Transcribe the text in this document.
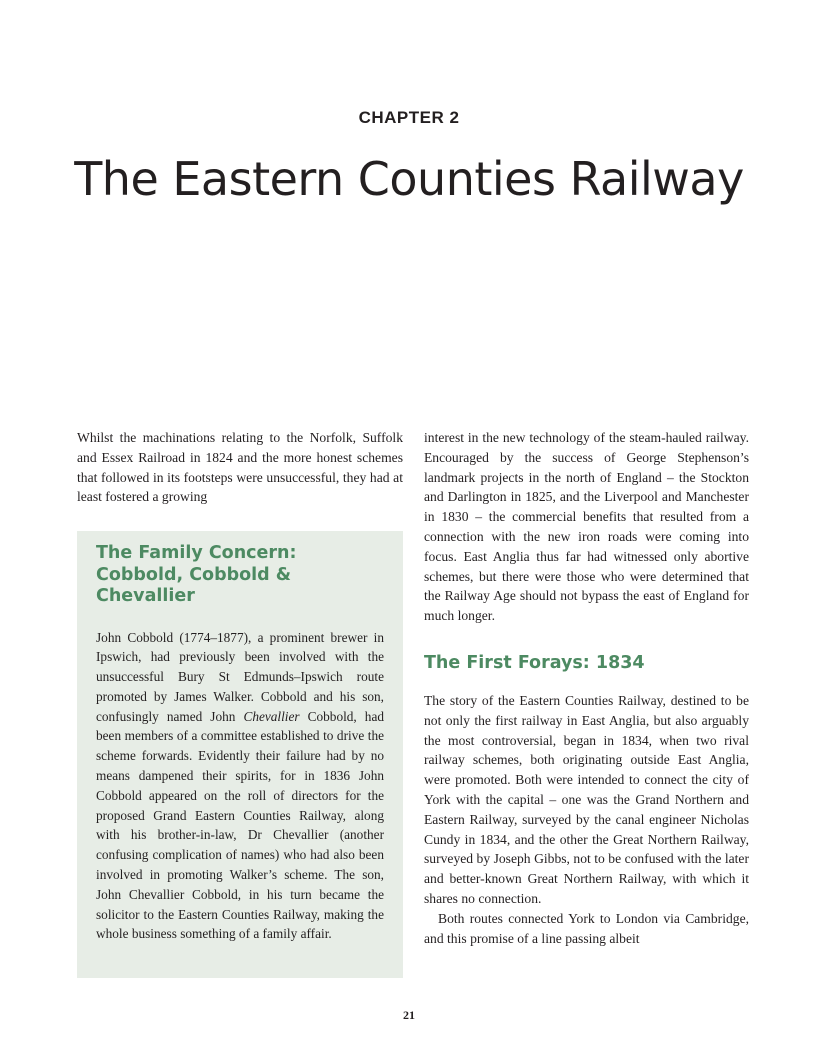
CHAPTER 2
The Eastern Counties Railway

Whilst the machinations relating to the Norfolk, Suffolk and Essex Railroad in 1824 and the more honest schemes that followed in its footsteps were unsuccessful, they had at least fostered a growing

The Family Concern: Cobbold, Cobbold & Chevallier

John Cobbold (1774–1877), a prominent brewer in Ipswich, had previously been involved with the unsuccessful Bury St Edmunds–Ipswich route promoted by James Walker. Cobbold and his son, confusingly named John Chevallier Cobbold, had been members of a committee established to drive the scheme forwards. Evidently their failure had by no means dampened their spirits, for in 1836 John Cobbold appeared on the roll of directors for the proposed Grand Eastern Counties Railway, along with his brother-in-law, Dr Chevallier (another confusing complication of names) who had also been involved in promoting Walker’s scheme. The son, John Chevallier Cobbold, in his turn became the solicitor to the Eastern Counties Railway, making the whole business something of a family affair.

interest in the new technology of the steam-hauled railway. Encouraged by the success of George Stephenson’s landmark projects in the north of England – the Stockton and Darlington in 1825, and the Liverpool and Manchester in 1830 – the commercial benefits that resulted from a connection with the new iron roads were coming into focus. East Anglia thus far had witnessed only abortive schemes, but there were those who were determined that the Railway Age should not bypass the east of England for much longer.

The First Forays: 1834

The story of the Eastern Counties Railway, destined to be not only the first railway in East Anglia, but also arguably the most controversial, began in 1834, when two rival railway schemes, both originating outside East Anglia, were promoted. Both were intended to connect the city of York with the capital – one was the Grand Northern and Eastern Railway, surveyed by the canal engineer Nicholas Cundy in 1834, and the other the Great Northern Railway, surveyed by Joseph Gibbs, not to be confused with the later and better-known Great Northern Railway, with which it shares no connection.

Both routes connected York to London via Cambridge, and this promise of a line passing albeit

21
